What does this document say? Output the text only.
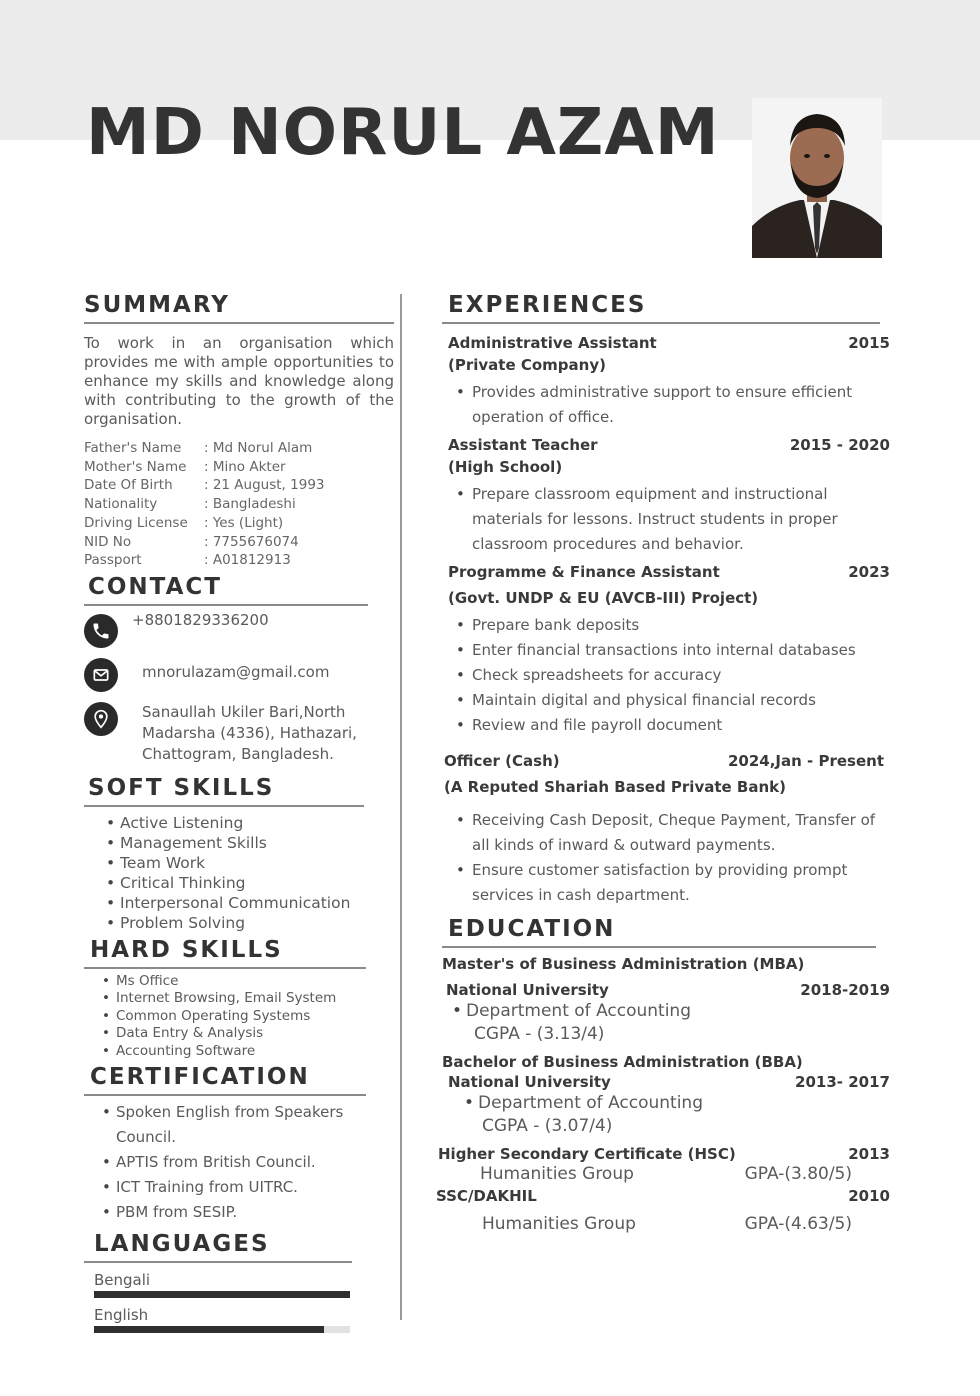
MD NORUL AZAM
SUMMARY

To work in an organisation which provides me with ample opportunities to enhance my skills and knowledge along with contributing to the growth of the organisation.

Father's Name	: Md Norul Alam
Mother's Name	: Mino Akter
Date Of Birth	: 21 August, 1993
Nationality	: Bangladeshi
Driving License	: Yes (Light)
NID No	: 7755676074
Passport	: A01812913
CONTACT
+8801829336200
mnorulazam@gmail.com
Sanaullah Ukiler Bari,North Madarsha (4336), Hathazari, Chattogram, Bangladesh.
SOFT SKILLS
• Active Listening
• Management Skills
• Team Work
• Critical Thinking
• Interpersonal Communication
• Problem Solving
HARD SKILLS
• Ms Office
• Internet Browsing, Email System
• Common Operating Systems
• Data Entry & Analysis
• Accounting Software
CERTIFICATION
• Spoken English from Speakers Council.
• APTIS from British Council.
• ICT Training from UITRC.
• PBM from SESIP.
LANGUAGES
Bengali
English
EXPERIENCES
Administrative Assistant	2015
(Private Company)
• Provides administrative support to ensure efficient operation of office.
Assistant Teacher	2015 - 2020
(High School)
• Prepare classroom equipment and instructional materials for lessons. Instruct students in proper classroom procedures and behavior.
Programme & Finance Assistant	2023
(Govt. UNDP & EU (AVCB-III) Project)
• Prepare bank deposits
• Enter financial transactions into internal databases
• Check spreadsheets for accuracy
• Maintain digital and physical financial records
• Review and file payroll document
Officer (Cash)	2024,Jan - Present
(A Reputed Shariah Based Private Bank)
• Receiving Cash Deposit, Cheque Payment, Transfer of all kinds of inward & outward payments.
• Ensure customer satisfaction by providing prompt services in cash department.
EDUCATION
Master's of Business Administration (MBA)
National University	2018-2019
• Department of Accounting
CGPA - (3.13/4)
Bachelor of Business Administration (BBA)
National University	2013- 2017
• Department of Accounting
CGPA - (3.07/4)
Higher Secondary Certificate (HSC)	2013
Humanities Group	GPA-(3.80/5)
SSC/DAKHIL	2010
Humanities Group	GPA-(4.63/5)
